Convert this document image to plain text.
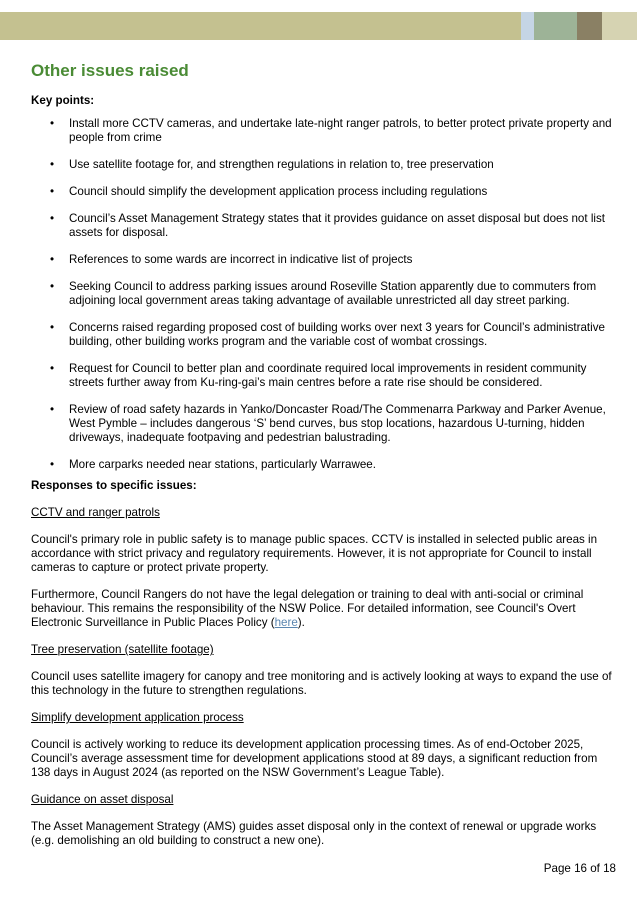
Other issues raised

Key points:

• Install more CCTV cameras, and undertake late-night ranger patrols, to better protect private property and people from crime
• Use satellite footage for, and strengthen regulations in relation to, tree preservation
• Council should simplify the development application process including regulations
• Council’s Asset Management Strategy states that it provides guidance on asset disposal but does not list assets for disposal.
• References to some wards are incorrect in indicative list of projects
• Seeking Council to address parking issues around Roseville Station apparently due to commuters from adjoining local government areas taking advantage of available unrestricted all day street parking.
• Concerns raised regarding proposed cost of building works over next 3 years for Council’s administrative building, other building works program and the variable cost of wombat crossings.
• Request for Council to better plan and coordinate required local improvements in resident community streets further away from Ku-ring-gai’s main centres before a rate rise should be considered.
• Review of road safety hazards in Yanko/Doncaster Road/The Commenarra Parkway and Parker Avenue, West Pymble – includes dangerous ‘S’ bend curves, bus stop locations, hazardous U-turning, hidden driveways, inadequate footpaving and pedestrian balustrading.
• More carparks needed near stations, particularly Warrawee.

Responses to specific issues:

CCTV and ranger patrols

Council's primary role in public safety is to manage public spaces. CCTV is installed in selected public areas in accordance with strict privacy and regulatory requirements. However, it is not appropriate for Council to install cameras to capture or protect private property.

Furthermore, Council Rangers do not have the legal delegation or training to deal with anti-social or criminal behaviour. This remains the responsibility of the NSW Police. For detailed information, see Council's Overt Electronic Surveillance in Public Places Policy (here).

Tree preservation (satellite footage)

Council uses satellite imagery for canopy and tree monitoring and is actively looking at ways to expand the use of this technology in the future to strengthen regulations.

Simplify development application process

Council is actively working to reduce its development application processing times. As of end-October 2025, Council’s average assessment time for development applications stood at 89 days, a significant reduction from 138 days in August 2024 (as reported on the NSW Government’s League Table).

Guidance on asset disposal

The Asset Management Strategy (AMS) guides asset disposal only in the context of renewal or upgrade works (e.g. demolishing an old building to construct a new one).

Page 16 of 18
